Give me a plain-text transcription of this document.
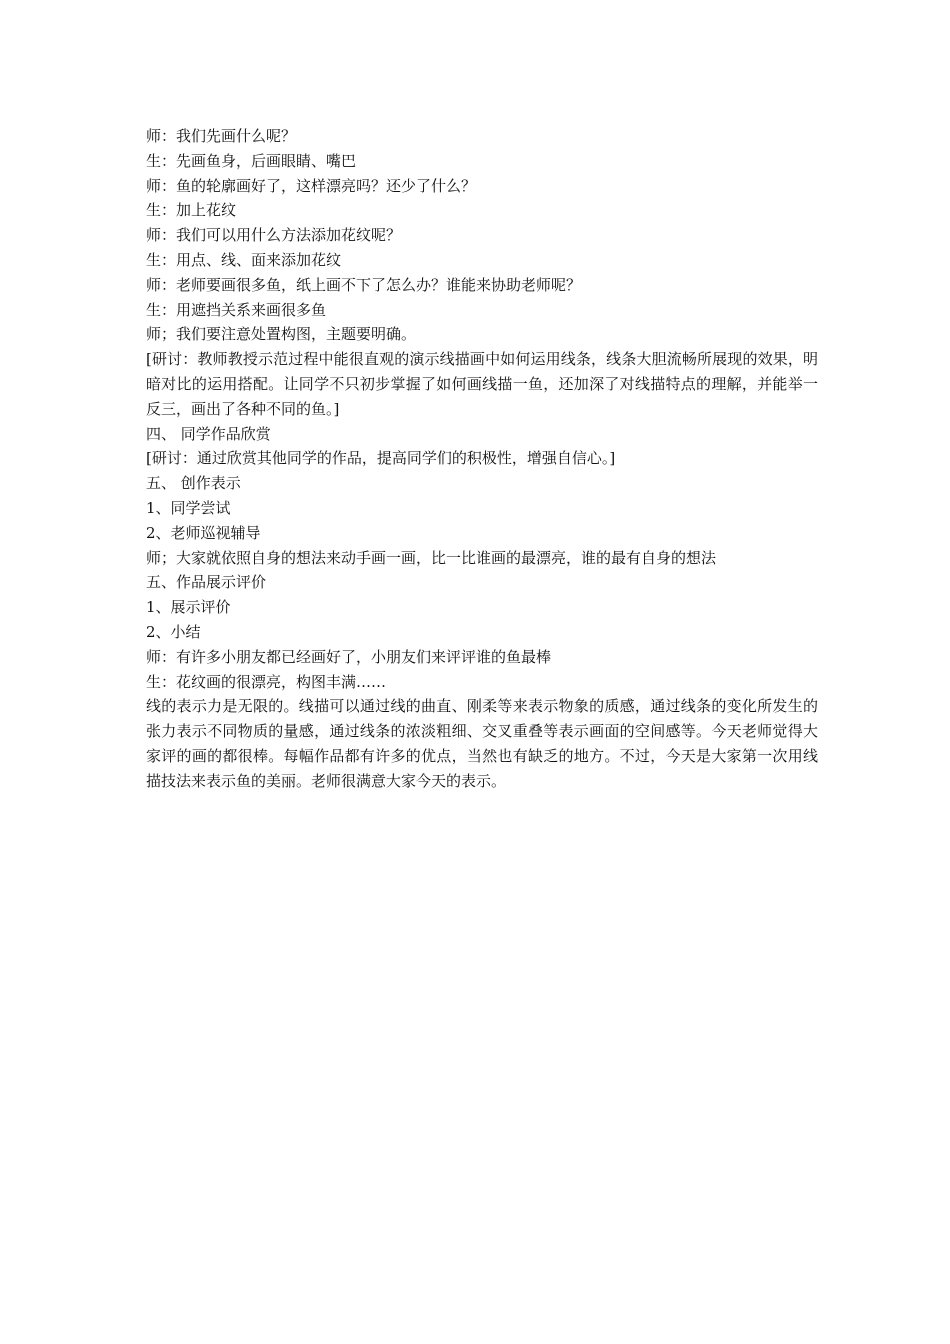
师：我们先画什么呢？

生：先画鱼身，后画眼睛、嘴巴

师：鱼的轮廓画好了，这样漂亮吗？还少了什么？

生：加上花纹

师：我们可以用什么方法添加花纹呢？

生：用点、线、面来添加花纹

师：老师要画很多鱼，纸上画不下了怎么办？谁能来协助老师呢？

生：用遮挡关系来画很多鱼

师；我们要注意处置构图，主题要明确。

[研讨：教师教授示范过程中能很直观的演示线描画中如何运用线条，线条大胆流畅所展现的效果，明暗对比的运用搭配。让同学不只初步掌握了如何画线描一鱼，还加深了对线描特点的理解，并能举一反三，画出了各种不同的鱼。]

四、 同学作品欣赏

[研讨：通过欣赏其他同学的作品，提高同学们的积极性，增强自信心。]

五、 创作表示

1、同学尝试

2、老师巡视辅导

师；大家就依照自身的想法来动手画一画，比一比谁画的最漂亮，谁的最有自身的想法

五、作品展示评价

1、展示评价

2、小结

师：有许多小朋友都已经画好了，小朋友们来评评谁的鱼最棒

生：花纹画的很漂亮，构图丰满……

线的表示力是无限的。线描可以通过线的曲直、刚柔等来表示物象的质感，通过线条的变化所发生的张力表示不同物质的量感，通过线条的浓淡粗细、交叉重叠等表示画面的空间感等。今天老师觉得大家评的画的都很棒。每幅作品都有许多的优点，当然也有缺乏的地方。不过，今天是大家第一次用线描技法来表示鱼的美丽。老师很满意大家今天的表示。
